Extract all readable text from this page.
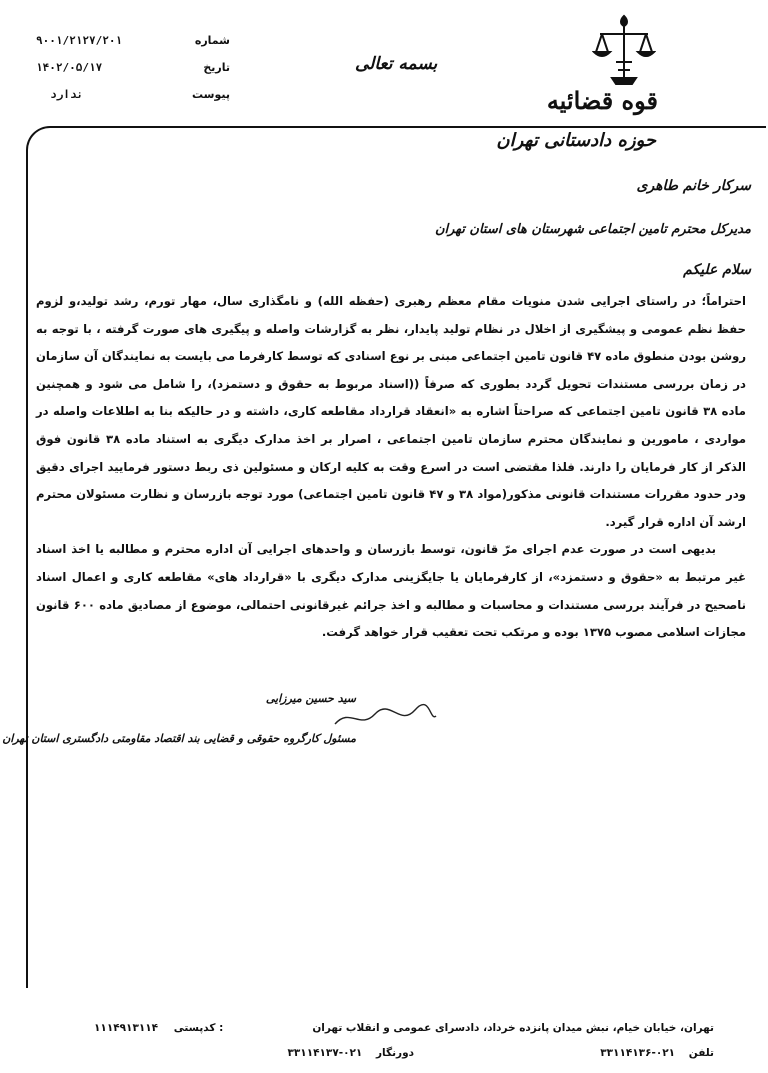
شماره
۹۰۰۱/۲۱۲۷/۲۰۱
تاریخ
۱۴۰۲/۰۵/۱۷
پیوست
ندارد
بسمه تعالی
قوه قضائیه
حوزه دادستانی تهران
سرکار خانم طاهری
مدیرکل محترم تامین اجتماعی شهرستان های استان تهران
سلام علیکم

احتراماً؛ در راستای اجرایی شدن منویات مقام معظم رهبری (حفظه الله) و نامگذاری سال، مهار تورم، رشد تولید،و لزوم حفظ نظم عمومی و پیشگیری از اخلال در نظام تولید پایدار، نظر به گزارشات واصله و پیگیری های صورت گرفته ، با توجه به روشن بودن منطوق ماده ۴۷ قانون تامین اجتماعی مبنی بر نوع اسنادی که توسط کارفرما می بایست به نمایندگان آن سازمان در زمان بررسی مستندات تحویل گردد بطوری که صرفاً ((اسناد مربوط به حقوق و دستمزد)، را شامل می شود و همچنین ماده ۳۸ قانون تامین اجتماعی که صراحتاً اشاره به «انعقاد قرارداد مقاطعه کاری، داشته و در حالیکه بنا به اطلاعات واصله در مواردی ، مامورین و نمایندگان محترم سازمان تامین اجتماعی ، اصرار بر اخذ مدارک دیگری به استناد ماده ۳۸ قانون فوق الذکر از کار فرمایان را دارند. فلذا مقتضی است در اسرع وقت به کلیه ارکان و مسئولین ذی ربط دستور فرمایید اجرای دقیق ودر حدود مقررات مستندات قانونی مذکور(مواد ۳۸ و ۴۷ قانون تامین اجتماعی) مورد توجه بازرسان و نظارت مسئولان محترم ارشد آن اداره قرار گیرد.

بدیهی است در صورت عدم اجرای مرّ قانون، توسط بازرسان و واحدهای اجرایی آن اداره محترم و مطالبه یا اخذ اسناد غیر مرتبط به «حقوق و دستمزد»، از کارفرمایان یا جایگزینی مدارک دیگری با «قرارداد های» مقاطعه کاری و اعمال اسناد ناصحیح در فرآیند بررسی مستندات و محاسبات و مطالبه و اخذ جرائم غیرقانونی احتمالی، موضوع از مصادیق ماده ۶۰۰ قانون مجازات اسلامی مصوب ۱۳۷۵ بوده و مرتکب تحت تعقیب قرار خواهد گرفت.

سید حسین میرزایی
مسئول کارگروه حقوقی و قضایی بند اقتصاد مقاومتی دادگستری استان تهران
تهران، خیابان خیام، نبش میدان پانزده خرداد، دادسرای عمومی و انقلاب تهران
۱۱۱۴۹۱۳۱۱۴ کدپستی :
تلفن ۰۲۱-۳۳۱۱۴۱۳۶
دورنگار ۰۲۱-۳۳۱۱۴۱۳۷
